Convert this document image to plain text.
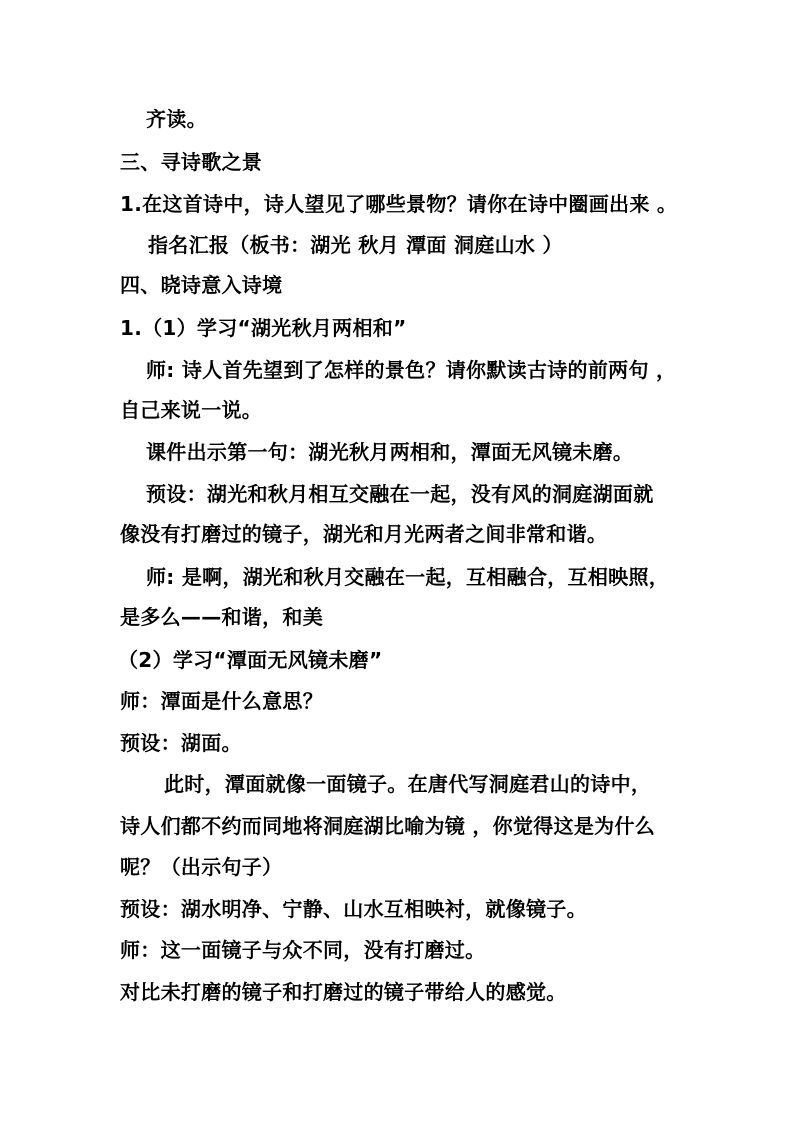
齐读。
三、寻诗歌之景
1.在这首诗中，诗人望见了哪些景物？请你在诗中圈画出来 。
指名汇报（板书：湖光 秋月 潭面 洞庭山水 ）
四、晓诗意入诗境
1.（1）学习“湖光秋月两相和”
师: 诗人首先望到了怎样的景色？请你默读古诗的前两句 ，
自己来说一说。
课件出示第一句：湖光秋月两相和，潭面无风镜未磨。
预设：湖光和秋月相互交融在一起，没有风的洞庭湖面就
像没有打磨过的镜子，湖光和月光两者之间非常和谐。
师: 是啊，湖光和秋月交融在一起，互相融合，互相映照，
是多么——和谐，和美
（2）学习“潭面无风镜未磨”
师：潭面是什么意思？
预设：湖面。
此时，潭面就像一面镜子。在唐代写洞庭君山的诗中，
诗人们都不约而同地将洞庭湖比喻为镜 ，你觉得这是为什么
呢？（出示句子）
预设：湖水明净、宁静、山水互相映衬，就像镜子。
师：这一面镜子与众不同，没有打磨过。
对比未打磨的镜子和打磨过的镜子带给人的感觉。
